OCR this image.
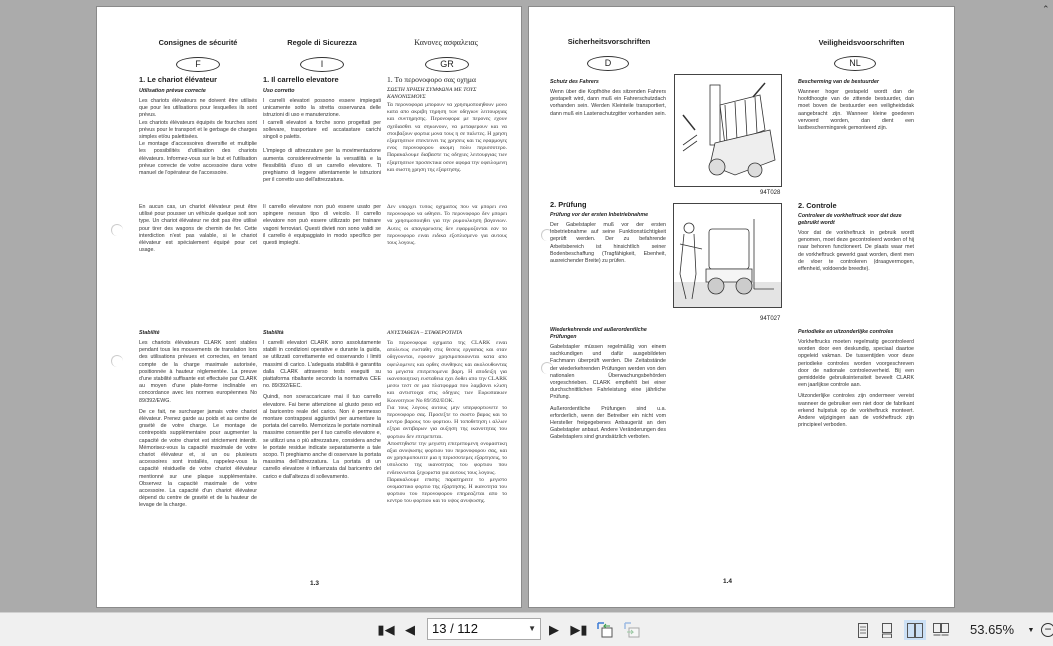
Consignes de sécurité	Regole di Sicurezza	Κανονες ασφαλειας
F	I	GR
1. Le chariot élévateur
Utilisation prévue correcte
Les chariots élévateurs ne doivent être utilisés que pour les utilisations pour lesquelles ils sont prévus.
Les chariots élévateurs équipés de fourches sont prévus pour le transport et le gerbage de charges simples et/ou palettisées.
Le montage d'accessoires diversifie et multiplie les possibilités d'utilisation des chariots élévateurs. Informez-vous sur le but et l'utilisation prévue correcte de votre accessoire dans votre manuel de l'opérateur de l'accessoire.
En aucun cas, un chariot élévateur peut être utilisé pour pousser un véhicule quelque soit son type. Un chariot élévateur ne doit pas être utilisé pour tirer des wagons de chemin de fer. Cette interdiction n'est pas valable, si le chariot élévateur est spécialement équipé pour cet usage.
Stabilité
Les chariots élévateurs CLARK sont stables pendant tous les mouvements de translation lors des utilisations prévues et correctes, en tenant compte de la charge maximale autorisée, positionnée à hauteur réglementée. La preuve d'une stabilité suffisante est effectuée par CLARK au moyen d'une plate-forme inclinable en concordance avec les normes européennes No 89/392/EWG.
De ce fait, ne surcharger jamais votre chariot élévateur. Prenez garde au poids et au centre de gravité de votre charge. Le montage de contrepoids supplémentaire pour augmenter la capacité de votre chariot est strictement interdit. Mémorisez-vous la capacité maximale de votre chariot élévateur et, si un ou plusieurs accessoires sont installés, rappelez-vous la capacité résiduelle de votre chariot élévateur mentionné sur une plaque supplémentaire. Observez la capacité maximale de votre accessoire. La capacité d'un chariot élévateur dépend du centre de gravité et de la hauteur de levage de la charge.
1. Il carrello elevatore
Uso corretto
I carrelli elevatori possono essere impiegati unicamente sotto la stretta osservanza delle istruzioni di uso e manutenzione.
I carrelli elevatori a forche sono progettati per sollevare, trasportare ed accatastare carichi singoli o paletts.

L'impiego di attrezzature per la movimentazione aumenta considerevolmente la versatilità e la flessibilità d'uso di un carrello elevatore. Ti preghiamo di leggere attentamente le istruzioni per il corretto uso dell'attrezzatura.
Il carrello elevatore non può essere usato per spingere nessun tipo di veicolo. Il carrello elevatore non può essere utilizzato per trainare vagoni ferroviari. Questi divieti non sono validi se il carrello è equipaggiato in modo specifico per questi impieghi.
Stabilità
I carrelli elevatori CLARK sono assolutamente stabili in condizioni operative e durante la guida, se utilizzati correttamente ed osservando i limiti massimi di carico. L'adeguata stabilità è garantita dalla CLARK attraverso tests eseguiti su piattaforma ribaltante secondo la normativa CEE no. 89/392/EEC.
Quindi, non sovraccaricare mai il tuo carrello elevatore. Fai bene attenzione al giusto peso ed al baricentro reale del carico. Non è permesso montare contrappesi aggiuntivi per aumentare la portata del carrello. Memorizza le portate nominali massime consentite per il tuo carrello elevatore e, se utilizzi una o più attrezzature, considera anche le portate residue indicate separatamente a tale scopo. Ti preghiamo anche di osservare la portata massima dell'attrezzatura. La portata di un carrello elevatore è influenzata dal baricentro del carico e dall'altezza di sollevamento.
1. Το περονοφορο σας οχημα
ΣΩΣΤΗ ΧΡΗΣΗ ΣΥΜΦΩΝΑ ΜΕ ΤΟΥΣ ΚΑΝΟΝΙΣΜΟΥΣ
Τα περονοφορα μπορουν να χρησιμοποιηθουν μονο κατα απο ακριβη τηρηση των οδηγιων λειτουργιας και συντηρησης. Περονοφορα με περονες εχουν σχεδιασθει να σηκωνουν, να μεταφερουν και να στοιβαζουν φορτια μονα τους η σε παλετες. Η χρηση εξαρτησεων επεκτεινει τις χρησεις και τις εφαρμογες ενος περονοφορου ακομη πολυ περισσοτερο. Παρακαλουμε διαβαστε τις οδηγιες λειτουργιας των εξαρτησεων προσεκτικα οσον αφορα την οφειλομενη και σωστη χρηση της εξαρτησης.
Δεν υπαρχει τυπος οχηματος που να μπορει ενα περονοφορο να ωθησει. Το περονοφορο δεν μπορει να χρησιμοποιηθει για την ρυμουλκηση βαγονιων. Αυτες οι απαγορευσεις δεν εφαρμοζονται εαν το περονοφορο ειναι ειδικα εξοπλισμενο για αυτους τους λογους.
ΑΝΥΣΤΑΘΕΙΑ – ΣΤΑΘΕΡΟΤΗΤΑ
Τα περονοφορα οχηματα της CLARK ειναι απολυτως ευσταθη στις θεσεις εργασιας και οταν οδηγουνται, εφοσον χρησιμοποιουνται κατα απο οφειλομενες και ορθες συνθηκες και ακολουθωντας τα μεγιστα επιτρεπομενα βαρη. Η αποδειξη για ικανοποιητικη ευσταθεια εχει δοθει απο την CLARK μεσω τεστ σε μια πλατφορμα που λαμβανει κλιση και αντιστοιχα στις οδηγιες των Ευρωπαικων Κοινοτητων Νο 89/392/ΕΟΚ.
Για τους λογους αυτους μην υπερφορτωνετε το περονοφορο σας. Προσεξτε το σωστο βαρος και το κεντρο βαρους του φορτιου. Η τοποθετηση ι αλλων εξτρα αντιβαρων για αυξηση της ικανοτητας του φορτιου δεν επιτρεπεται.
Αποστηθιστε την μεγιστη επιτρεπομενη ονομαστικη αξια ανυψωσης φορτιου του περονοφορου σας, και αν χρησιμοποιειτε μια η περισσοτερες εξαρτησεις, το υπολοιπο της ικανοτητας του φορτιου που ενδεικνυεται ξεχωριστα για αυτους τους λογους.
Παρακαλουμε επισης παρατηρειτε το μεγιστο ονομαστικο φορτιο της εξαρτησης. Η ικανοτητα του φορτιου του περονοφορου επηρεαζεται απο το κεντρο του φορτιου και το υψος ανυψωσης.
1.3
Sicherheitsvorschriften	Veiligheidsvoorschriften
D	NL
Schutz des Fahrers
Wenn über die Kopfhöhe des sitzenden Fahrers gestapelt wird, dann muß ein Fahrerschutzdach vorhanden sein. Werden Kleinteile transportiert, dann muß ein Lastenschutzgitter vorhanden sein.
2. Prüfung
Prüfung vor der ersten Inbetriebnahme
Der Gabelstapler muß vor der ersten Inbetriebnahme auf seine Funktionstüchtigkeit geprüft werden. Der zu befahrende Arbeitsbereich ist hinsichtlich seiner Bodenbeschaffung (Tragfähigkeit, Ebenheit, ausreichender Breite) zu prüfen.
Wiederkehrende und außerordentliche Prüfungen
Gabelstapler müssen regelmäßig von einem sachkundigen und dafür ausgebildeten Fachmann überprüft werden. Die Zeitabstände der wiederkehrenden Prüfungen werden von den nationalen Überwachungsbehörden vorgeschrieben. CLARK empfiehlt bei einer durchschnittlichen Fahrleistung eine jährliche Prüfung.
Außerordentliche Prüfungen sind u.a. erforderlich, wenn der Betreiber ein nicht vom Hersteller freigegebenes Anbaugerät an den Gabelstapler anbaut. Andere Veränderungen des Gabelstaplers sind grundsätzlich verboten.
94T028
94T027
Bescherming van de bestuurder
Wanneer hoger gestapeld wordt dan de hoofdhoogte van de zittende bestuurder, dan moet boven de bestuurder een veiligheidsdak aangebracht zijn. Wanneer kleine goederen vervoerd worden, dan dient een lastbeschermingsrek gemonteerd zijn.
2. Controle
Controleer de vorkheftruck voor dat deze gebruikt wordt
Voor dat de vorkheftruck in gebruik wordt genomen, moet deze gecontroleerd worden of hij naar behoren functioneert. De plaats waar met de vorkheftruck gewerkt gaat worden, dient men de vloer te controleren (draagvermogen, effenheid, voldoende breedte).
Periodieke en uitzonderlijke controles
Vorkheftrucks moeten regelmatig gecontroleerd worden door een deskundig, speciaal daartoe opgeleid vakman. De tussentijden voor deze periodieke controles worden voorgeschreven door de nationale controleoverheid. Bij een gemiddelde gebruiksintensiteit beveelt CLARK een jaarlijkse controle aan.
Uitzonderlijke controles zijn ondermeer vereist wanneer de gebruiker een niet door de fabrikant erkend hulpstuk op de vorkheftruck monteert. Andere wijzigingen aan de vorkheftruck zijn principieel verboden.
1.4
⌃
▮◀ ◀	13 / 112	▼ ▶ ▶▮	53.65% ▼ −
